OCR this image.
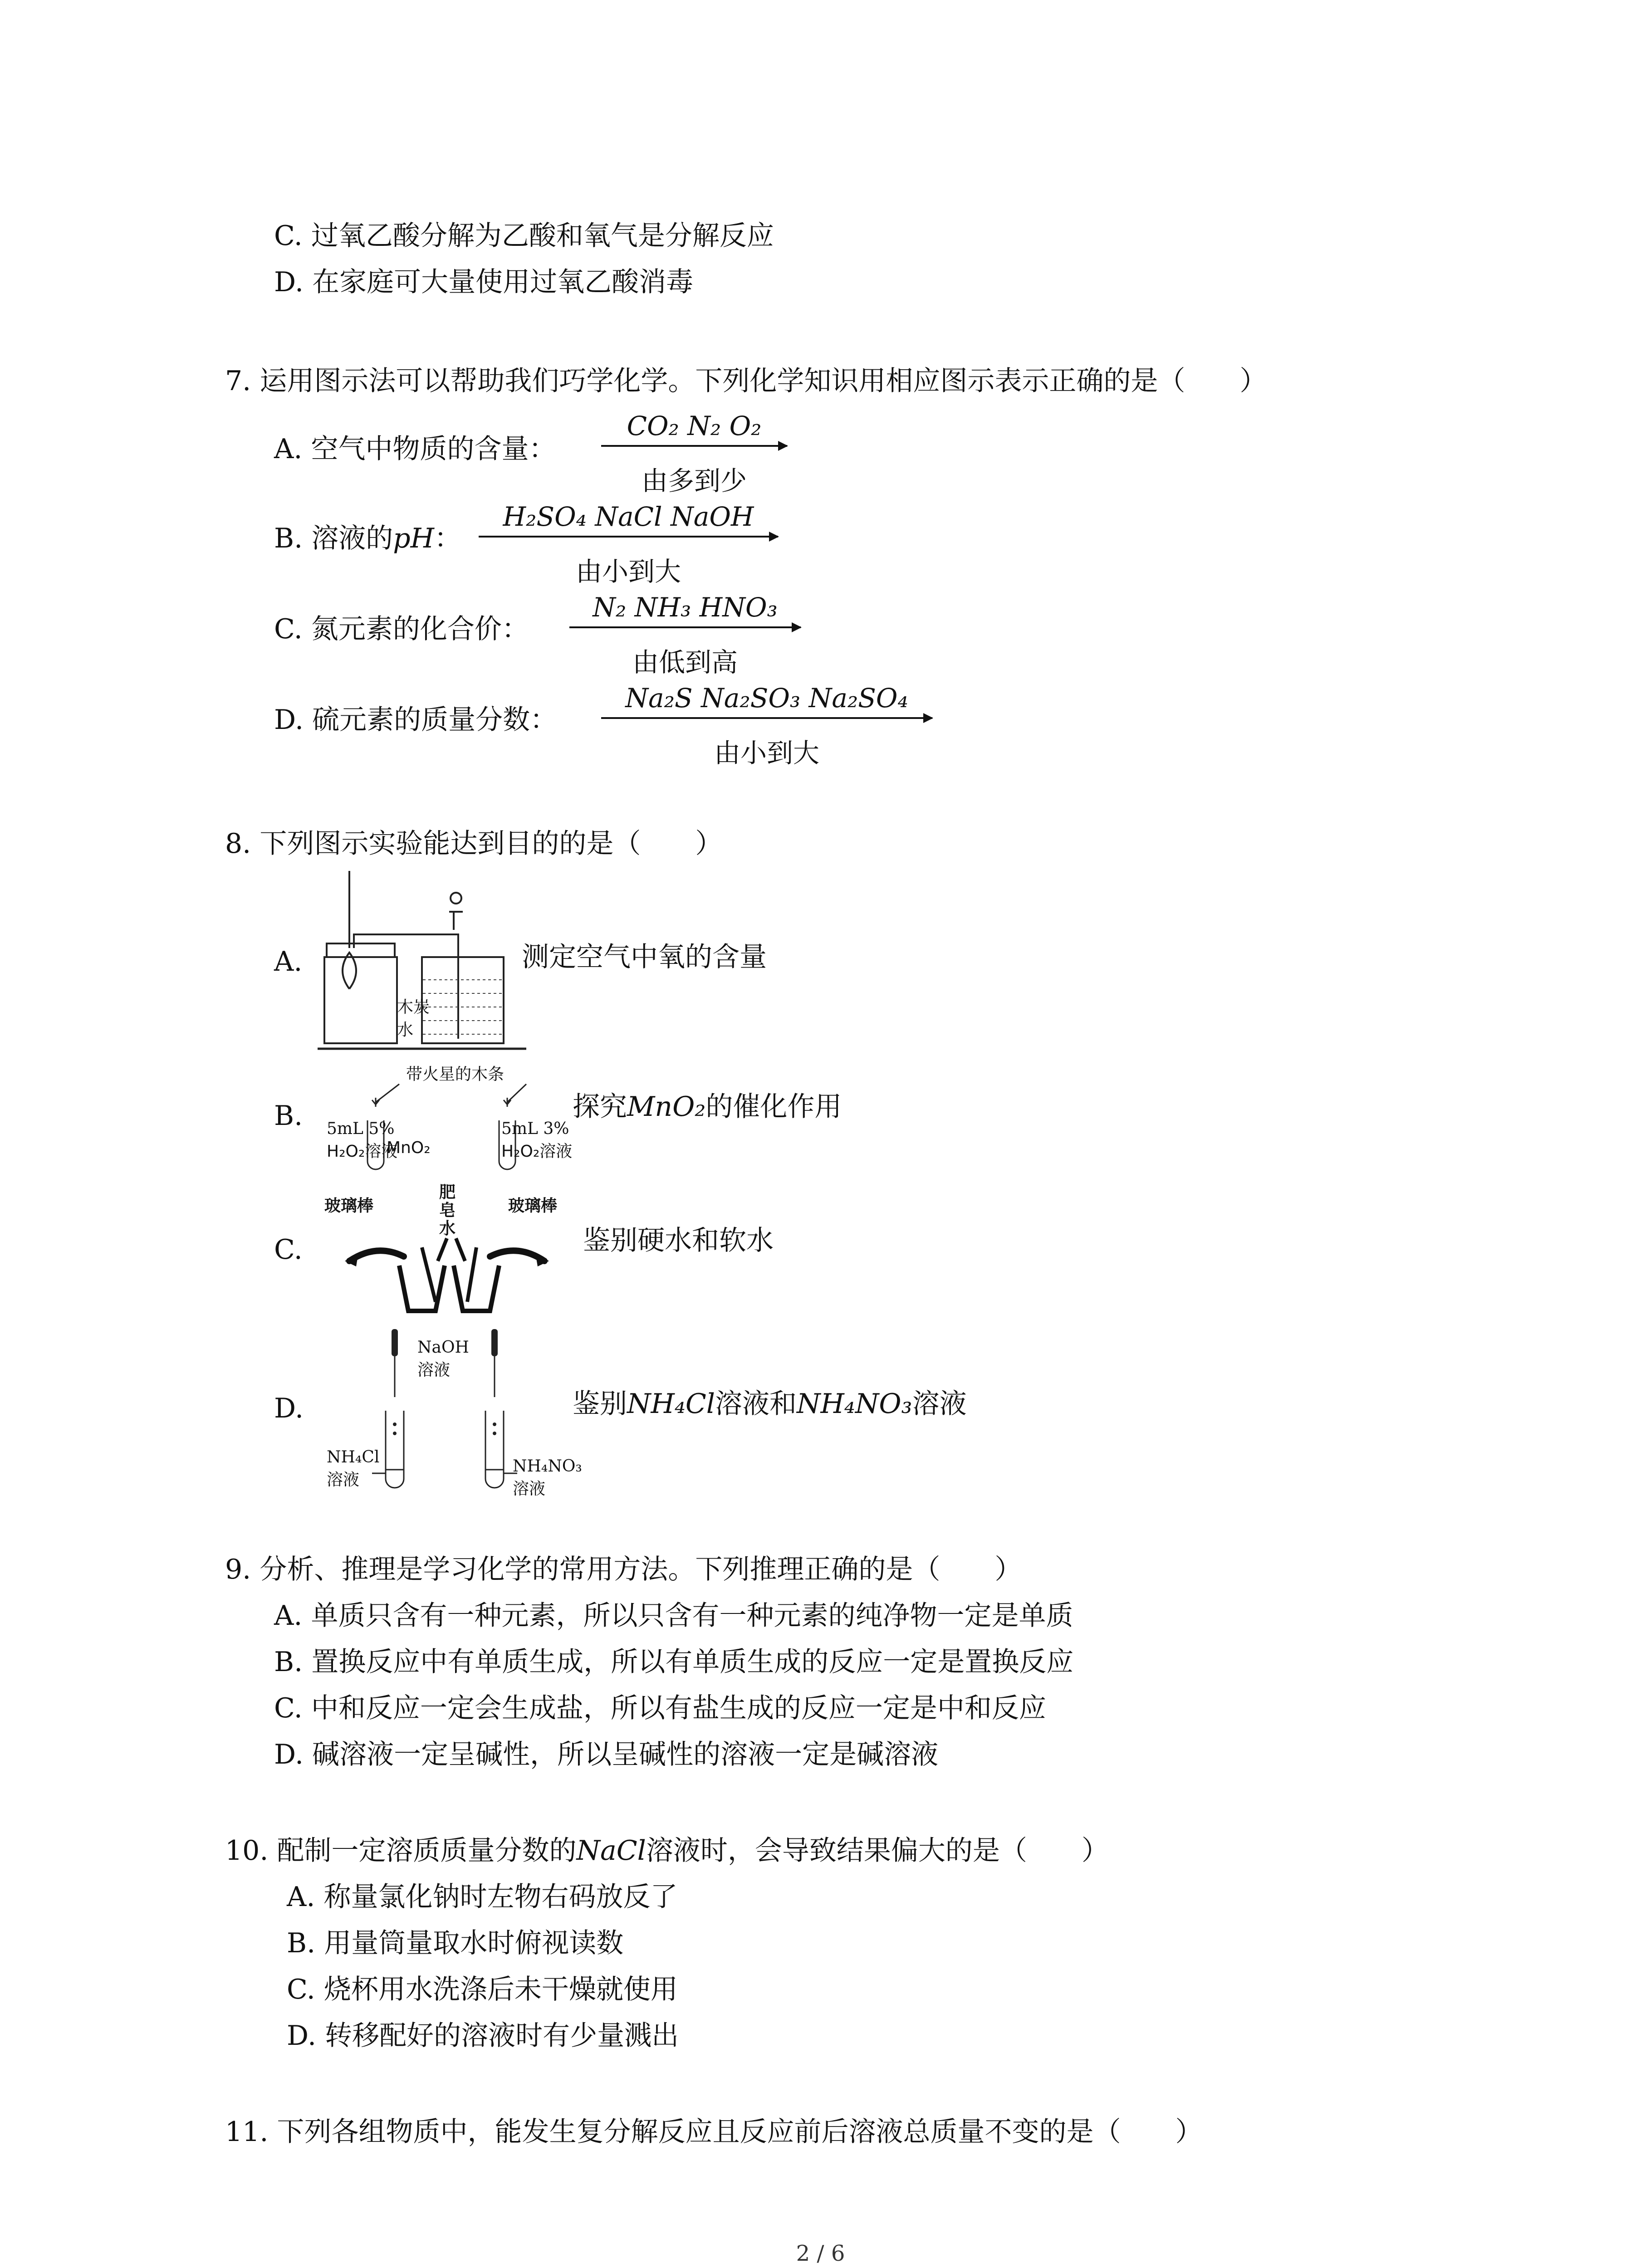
C. 过氧乙酸分解为乙酸和氧气是分解反应
D. 在家庭可大量使用过氧乙酸消毒
7. 运用图示法可以帮助我们巧学化学。下列化学知识用相应图示表示正确的是（　　）
A. 空气中物质的含量：
CO₂ N₂ O₂
由多到少
B. 溶液的pH：
H₂SO₄ NaCl NaOH
由小到大
C. 氮元素的化合价：
N₂ NH₃ HNO₃
由低到高
D. 硫元素的质量分数：
Na₂S Na₂SO₃ Na₂SO₄
由小到大
8. 下列图示实验能达到目的的是（　　）
A.
木炭
水
测定空气中氧的含量
B.
带火星的木条
5mL 5%
H₂O₂溶液
MnO₂
5mL 3%
H₂O₂溶液
探究MnO₂的催化作用
C.
玻璃棒
肥
皂
水
玻璃棒
鉴别硬水和软水
D.
NaOH
溶液
NH₄Cl
溶液
NH₄NO₃
溶液
鉴别NH₄Cl溶液和NH₄NO₃溶液
9. 分析、推理是学习化学的常用方法。下列推理正确的是（　　）
A. 单质只含有一种元素，所以只含有一种元素的纯净物一定是单质
B. 置换反应中有单质生成，所以有单质生成的反应一定是置换反应
C. 中和反应一定会生成盐，所以有盐生成的反应一定是中和反应
D. 碱溶液一定呈碱性，所以呈碱性的溶液一定是碱溶液
10. 配制一定溶质质量分数的NaCl溶液时，会导致结果偏大的是（　　）
A. 称量氯化钠时左物右码放反了
B. 用量筒量取水时俯视读数
C. 烧杯用水洗涤后未干燥就使用
D. 转移配好的溶液时有少量溅出
11. 下列各组物质中，能发生复分解反应且反应前后溶液总质量不变的是（　　）
2 / 6
